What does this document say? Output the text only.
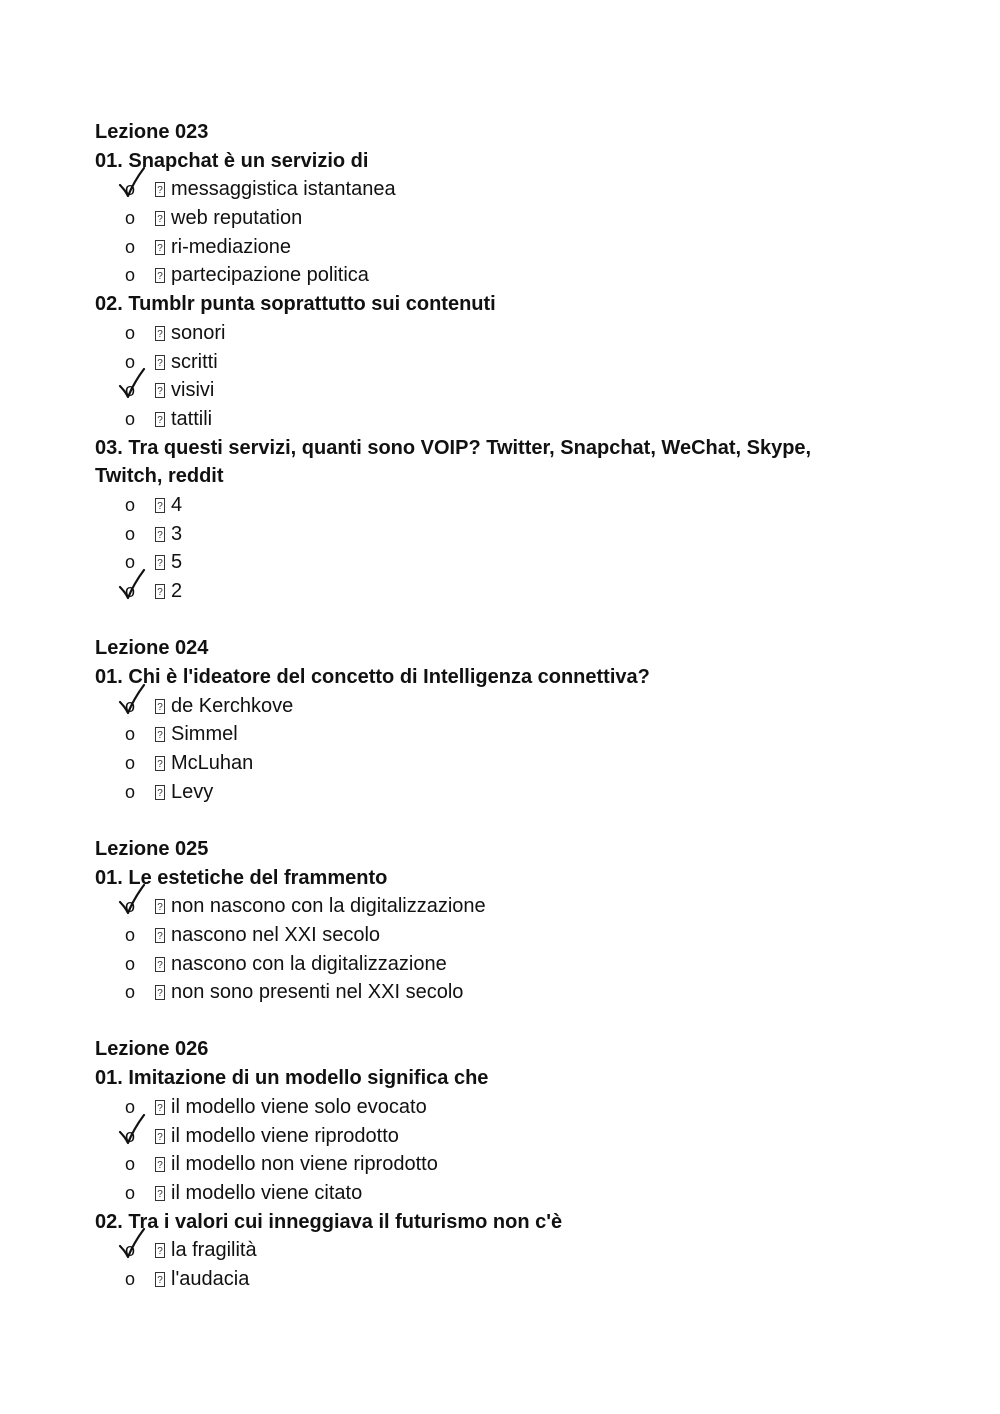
Lezione 023
01. Snapchat è un servizio di
o ? messaggistica istantanea
o ? web reputation
o ? ri-mediazione
o ? partecipazione politica
02. Tumblr punta soprattutto sui contenuti
o ? sonori
o ? scritti
o ? visivi
o ? tattili
03. Tra questi servizi, quanti sono VOIP? Twitter, Snapchat, WeChat, Skype,
Twitch, reddit
o ? 4
o ? 3
o ? 5
o ? 2
Lezione 024
01. Chi è l'ideatore del concetto di Intelligenza connettiva?
o ? de Kerchkove
o ? Simmel
o ? McLuhan
o ? Levy
Lezione 025
01. Le estetiche del frammento
o ? non nascono con la digitalizzazione
o ? nascono nel XXI secolo
o ? nascono con la digitalizzazione
o ? non sono presenti nel XXI secolo
Lezione 026
01. Imitazione di un modello significa che
o ? il modello viene solo evocato
o ? il modello viene riprodotto
o ? il modello non viene riprodotto
o ? il modello viene citato
02. Tra i valori cui inneggiava il futurismo non c'è
o ? la fragilità
o ? l'audacia
